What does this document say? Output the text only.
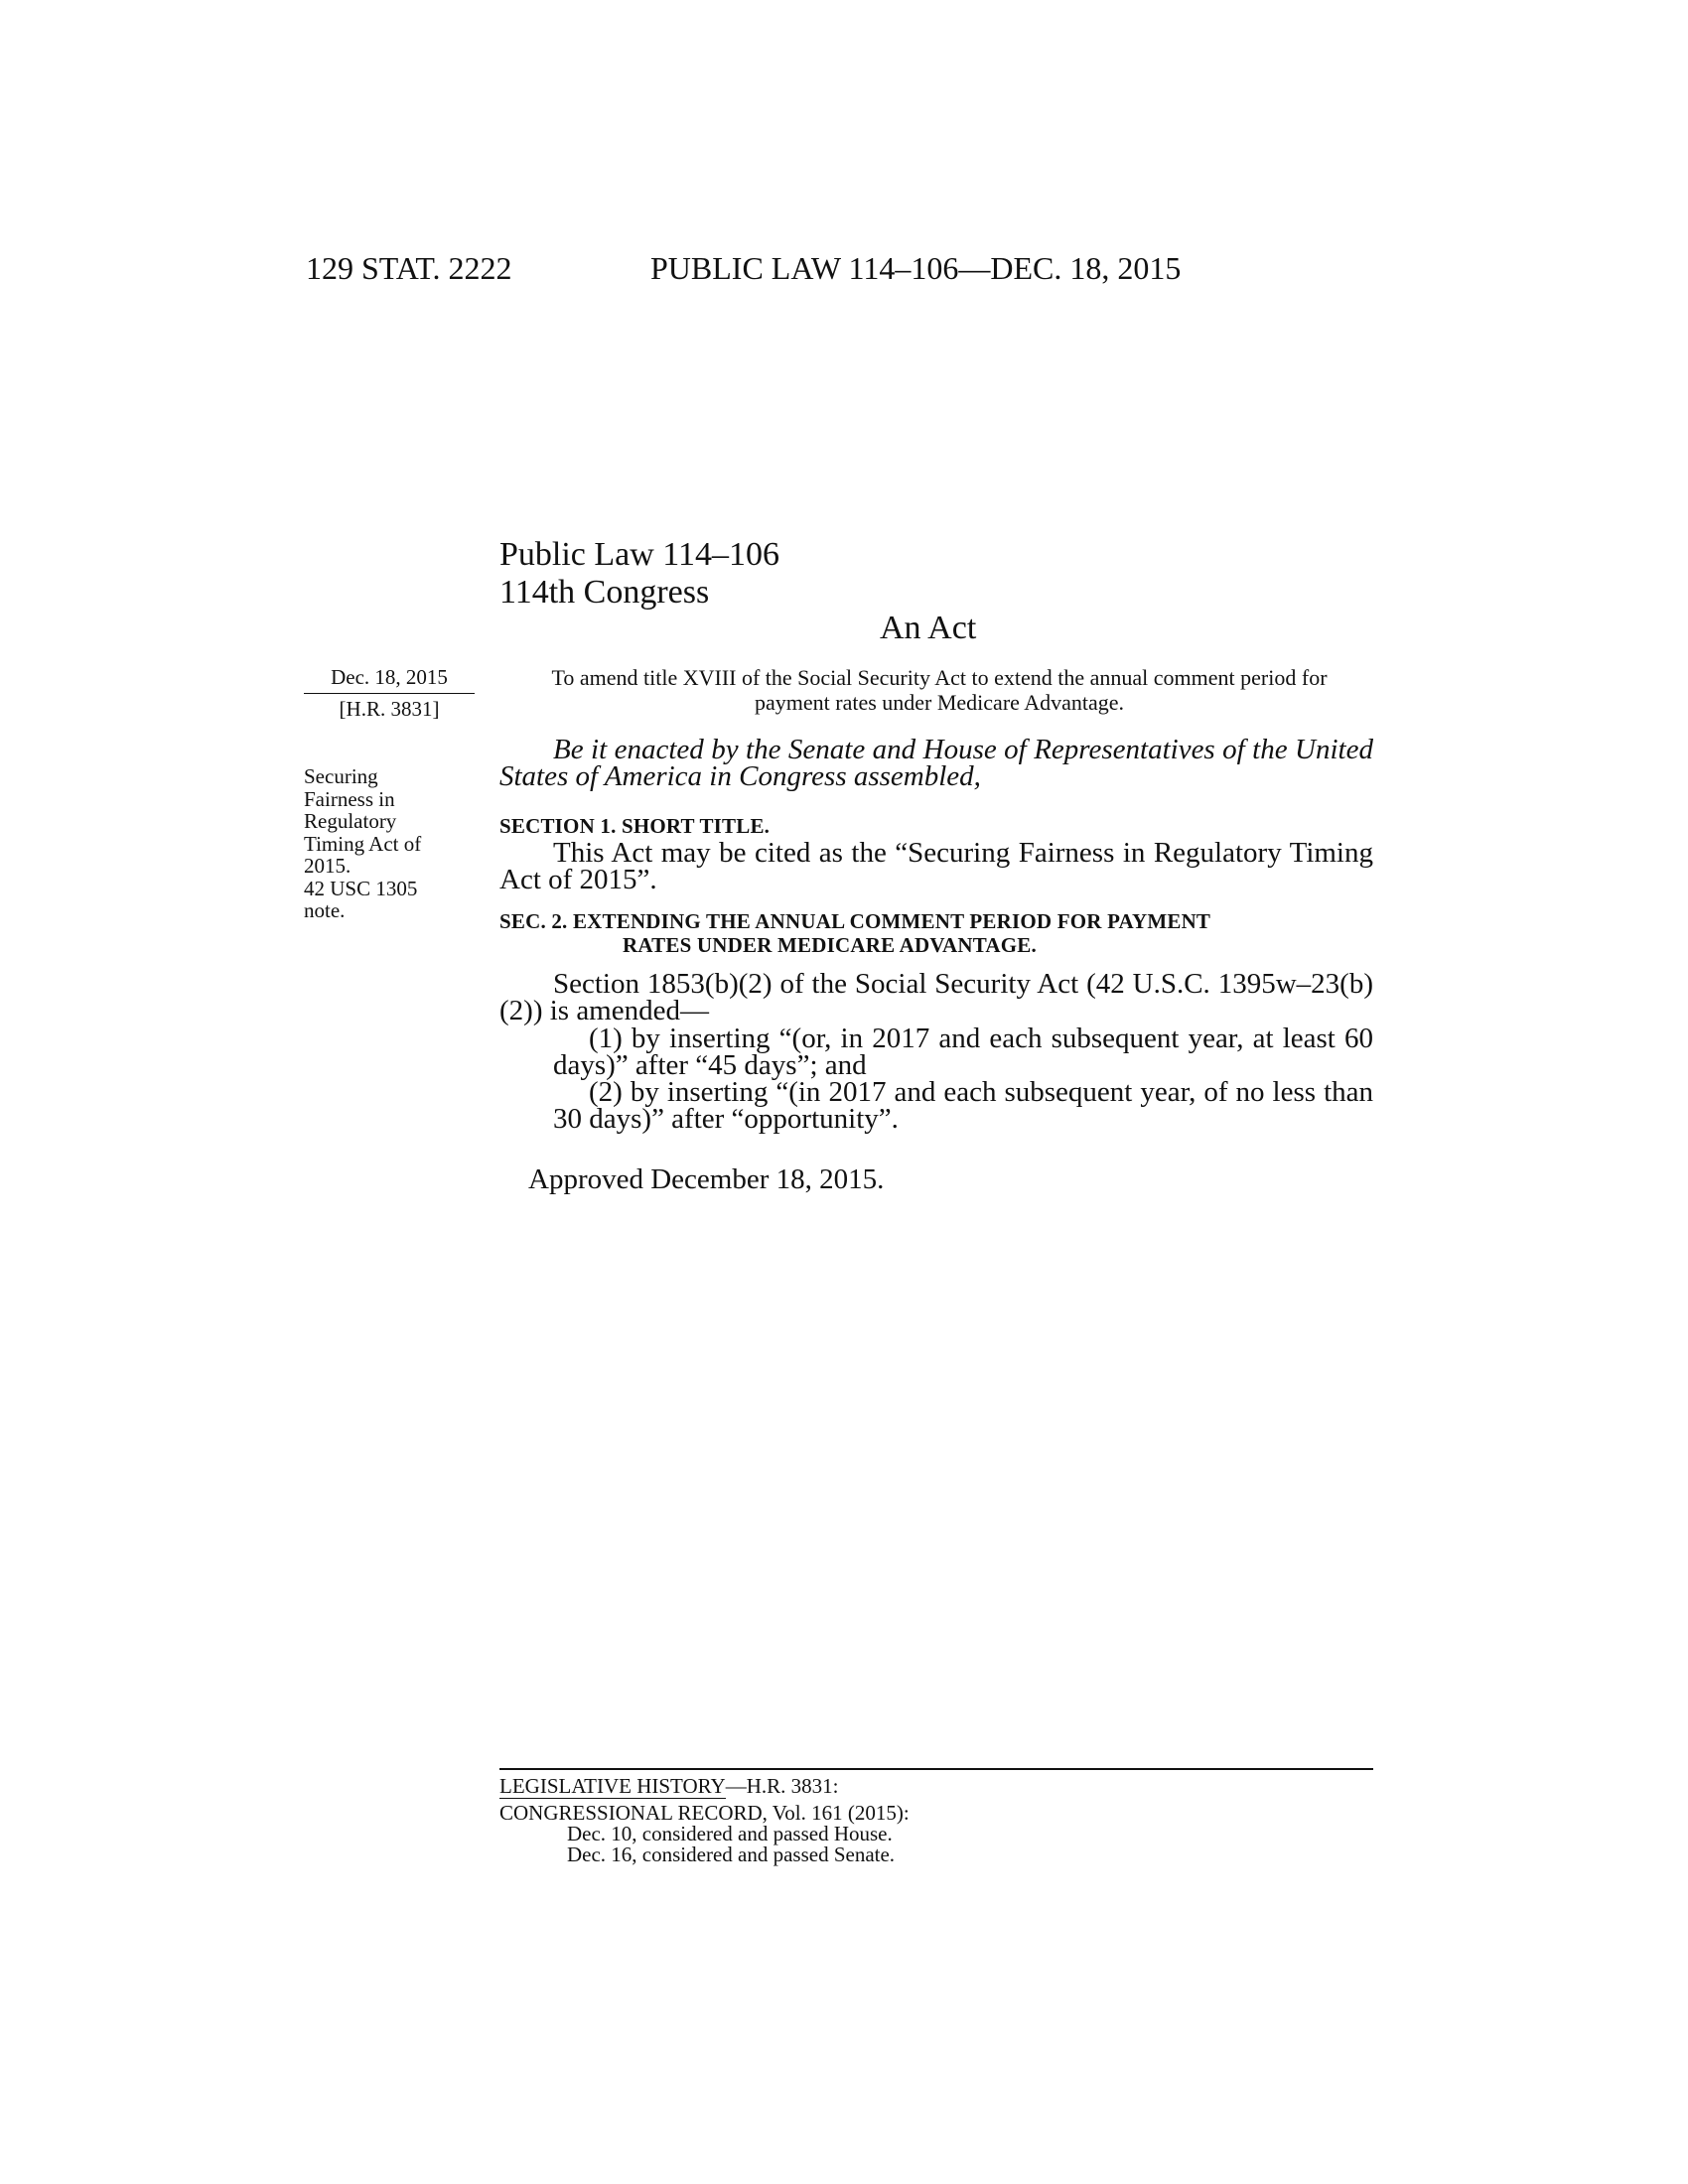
129 STAT. 2222	PUBLIC LAW 114–106—DEC. 18, 2015
Public Law 114–106
114th Congress
An Act
Dec. 18, 2015
[H.R. 3831]
Securing
Fairness in
Regulatory
Timing Act of
2015.
42 USC 1305
note.
To amend title XVIII of the Social Security Act to extend the annual comment period for payment rates under Medicare Advantage.
Be it enacted by the Senate and House of Representatives of the United States of America in Congress assembled,
SECTION 1. SHORT TITLE.
This Act may be cited as the “Securing Fairness in Regulatory Timing Act of 2015”.
SEC. 2. EXTENDING THE ANNUAL COMMENT PERIOD FOR PAYMENT
RATES UNDER MEDICARE ADVANTAGE.
Section 1853(b)(2) of the Social Security Act (42 U.S.C. 1395w–23(b)(2)) is amended—
(1) by inserting “(or, in 2017 and each subsequent year, at least 60 days)” after “45 days”; and
(2) by inserting “(in 2017 and each subsequent year, of no less than 30 days)” after “opportunity”.
Approved December 18, 2015.
LEGISLATIVE HISTORY—H.R. 3831:
CONGRESSIONAL RECORD, Vol. 161 (2015):
Dec. 10, considered and passed House.
Dec. 16, considered and passed Senate.
